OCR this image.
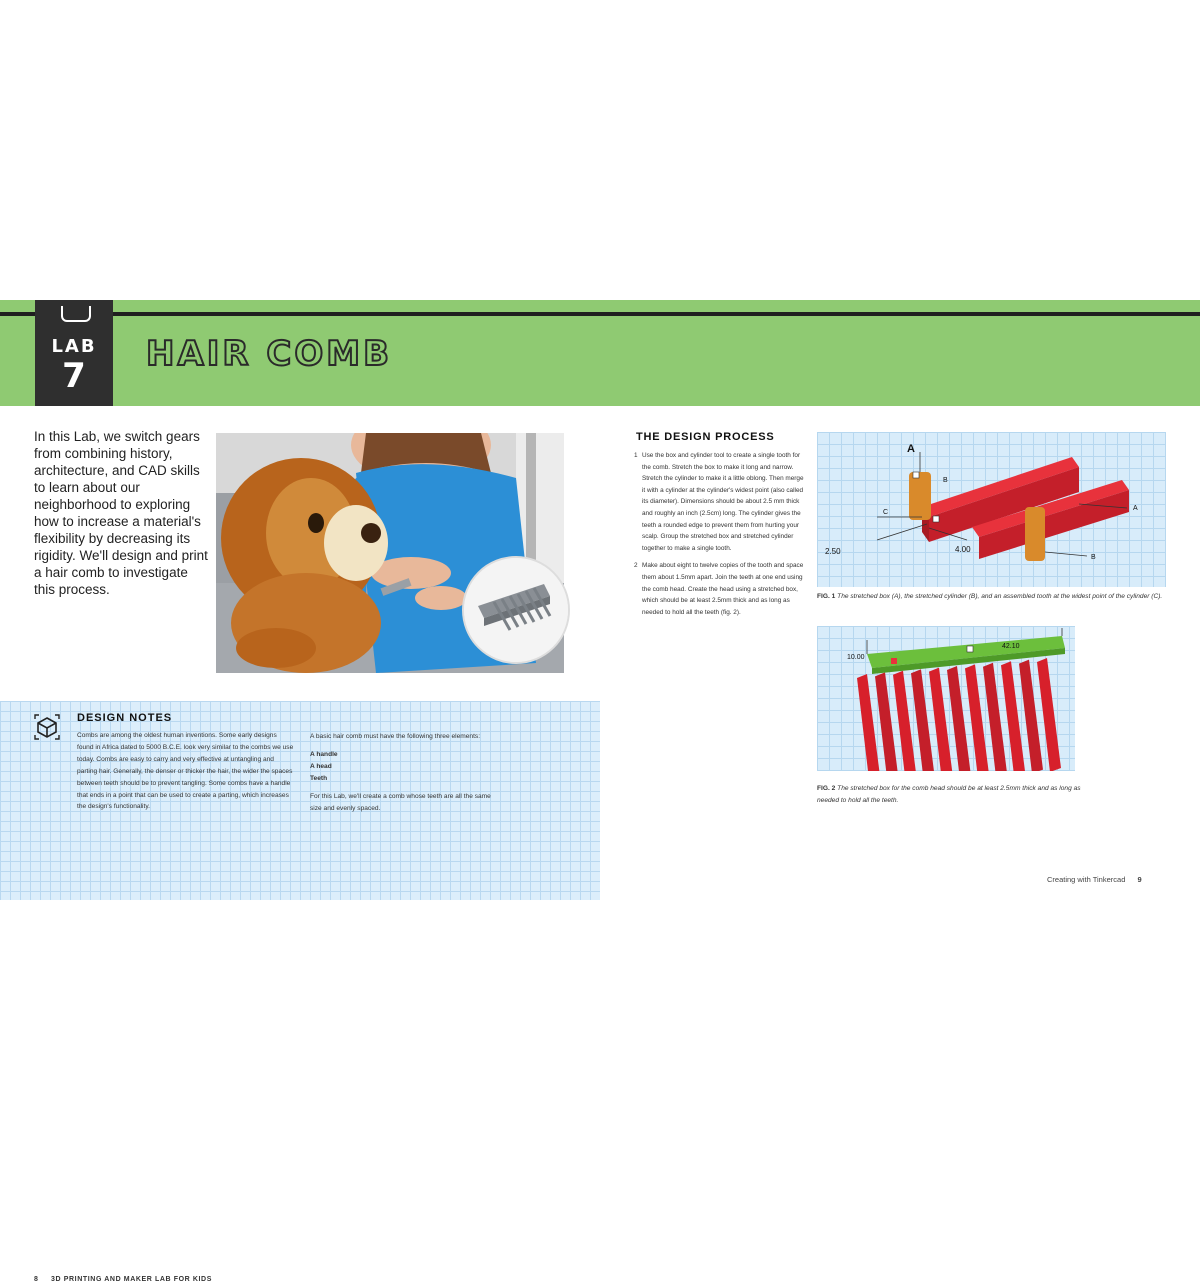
LAB
7
HAIR COMB
In this Lab, we switch gears from combining history, architecture, and CAD skills to learn about our neighborhood to exploring how to increase a material's flexibility by decreasing its rigidity. We'll design and print a hair comb to investigate this process.
DESIGN NOTES
Combs are among the oldest human inventions. Some early designs found in Africa dated to 5000 B.C.E. look very similar to the combs we use today. Combs are easy to carry and very effective at untangling and parting hair. Generally, the denser or thicker the hair, the wider the spaces between teeth should be to prevent tangling. Some combs have a handle that ends in a point that can be used to create a parting, which increases the design's functionality.
A basic hair comb must have the following three elements:
A handle
A head
Teeth
For this Lab, we'll create a comb whose teeth are all the same size and evenly spaced.
8 3D PRINTING AND MAKER LAB FOR KIDS
Creating with Tinkercad 9
THE DESIGN PROCESS
1 Use the box and cylinder tool to create a single tooth for the comb. Stretch the box to make it long and narrow. Stretch the cylinder to make it a little oblong. Then merge it with a cylinder at the cylinder's widest point (also called its diameter). Dimensions should be about 2.5 mm thick and roughly an inch (2.5cm) long. The cylinder gives the teeth a rounded edge to prevent them from hurting your scalp. Group the stretched box and stretched cylinder together to make a single tooth.
2 Make about eight to twelve copies of the tooth and space them about 1.5mm apart. Join the teeth at one end using the comb head. Create the head using a stretched box, which should be at least 2.5mm thick and as long as needed to hold all the teeth (fig. 2).
2.50	4.00
A
B
C
A
B
FIG. 1 The stretched box (A), the stretched cylinder (B), and an assembled tooth at the widest point of the cylinder (C).
10.00
42.10
FIG. 2 The stretched box for the comb head should be at least 2.5mm thick and as long as needed to hold all the teeth.
